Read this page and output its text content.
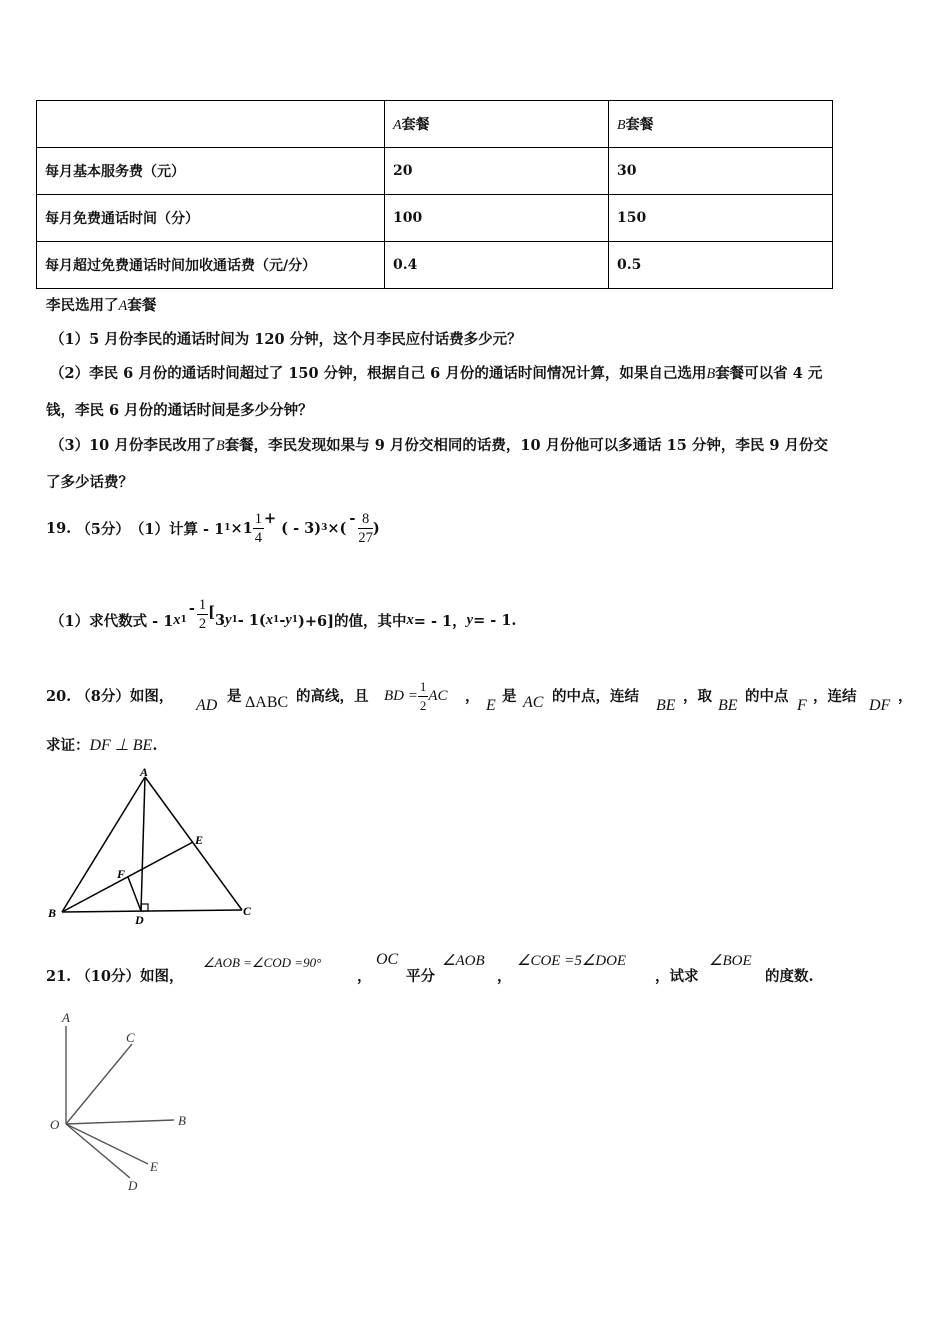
	A套餐	B套餐
每月基本服务费（元）	20	30
每月免费通话时间（分）	100	150
每月超过免费通话时间加收通话费（元/分）	0.4	0.5
李民选用了A套餐
（1）5 月份李民的通话时间为 120 分钟，这个月李民应付话费多少元？
（2）李民 6 月份的通话时间超过了 150 分钟，根据自己 6 月份的通话时间情况计算，如果自己选用B套餐可以省 4 元
钱，李民 6 月份的通话时间是多少分钟？
（3）10 月份李民改用了B套餐，李民发现如果与 9 月份交相同的话费，10 月份他可以多通话 15 分钟，李民 9 月份交
了多少话费？
19.
（5分） （1）计算 - 1 $1 \times 1 \frac{1}{4}$ +

( - 3) 3 ×(
- $\frac{8}{27}$ )
（1）求代数式 - 1 x 1
- $\frac{1}{2}$ [ 3 y 1 - 1( x 1 - y 1 )+6]的值，其中 x = - 1， y = - 1.
20. （8分）如图，
AD
是 ΔABC 的高线，且 BD = $\frac{1}{2}$ AC ，
E
是 AC 的中点，连结
BE
，取
BE
的中点
F
，连结
DF
，
求证：DF ⊥ BE.
A
B	C
D
E
F
21. （10分）如图，
∠AOB =∠COD =90°
，
OC
平分
∠AOB
，
∠COE =5∠DOE
，试求
∠BOE
的度数.
A
C
B
E
D
O
